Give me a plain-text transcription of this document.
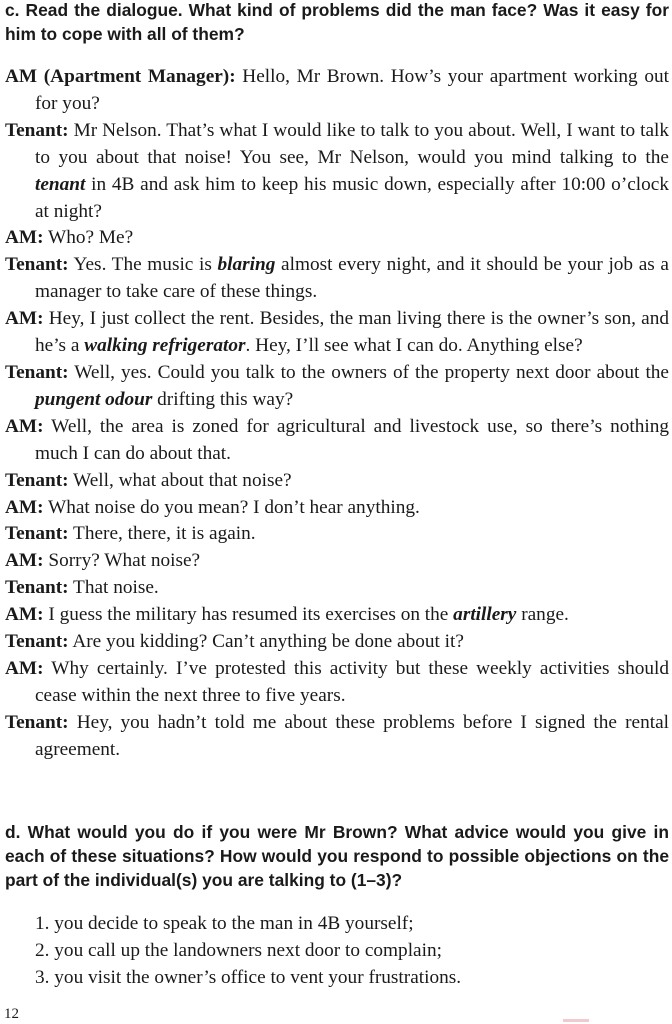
c. Read the dialogue. What kind of problems did the man face? Was it easy for him to cope with all of them?

AM (Apartment Manager): Hello, Mr Brown. How’s your apartment working out for you?

Tenant: Mr Nelson. That’s what I would like to talk to you about. Well, I want to talk to you about that noise! You see, Mr Nelson, would you mind talking to the tenant in 4B and ask him to keep his music down, especially after 10:00 o’clock at night?

AM: Who? Me?

Tenant: Yes. The music is blaring almost every night, and it should be your job as a manager to take care of these things.

AM: Hey, I just collect the rent. Besides, the man living there is the owner’s son, and he’s a walking refrigerator. Hey, I’ll see what I can do. Anything else?

Tenant: Well, yes. Could you talk to the owners of the property next door about the pungent odour drifting this way?

AM: Well, the area is zoned for agricultural and livestock use, so there’s nothing much I can do about that.

Tenant: Well, what about that noise?

AM: What noise do you mean? I don’t hear anything.

Tenant: There, there, it is again.

AM: Sorry? What noise?

Tenant: That noise.

AM: I guess the military has resumed its exercises on the artillery range.

Tenant: Are you kidding? Can’t anything be done about it?

AM: Why certainly. I’ve protested this activity but these weekly activities should cease within the next three to five years.

Tenant: Hey, you hadn’t told me about these problems before I signed the rental agreement.

d. What would you do if you were Mr Brown? What advice would you give in each of these situations? How would you respond to possible objections on the part of the individual(s) you are talking to (1–3)?

1. you decide to speak to the man in 4B yourself;

2. you call up the landowners next door to complain;

3. you visit the owner’s office to vent your frustrations.

12
